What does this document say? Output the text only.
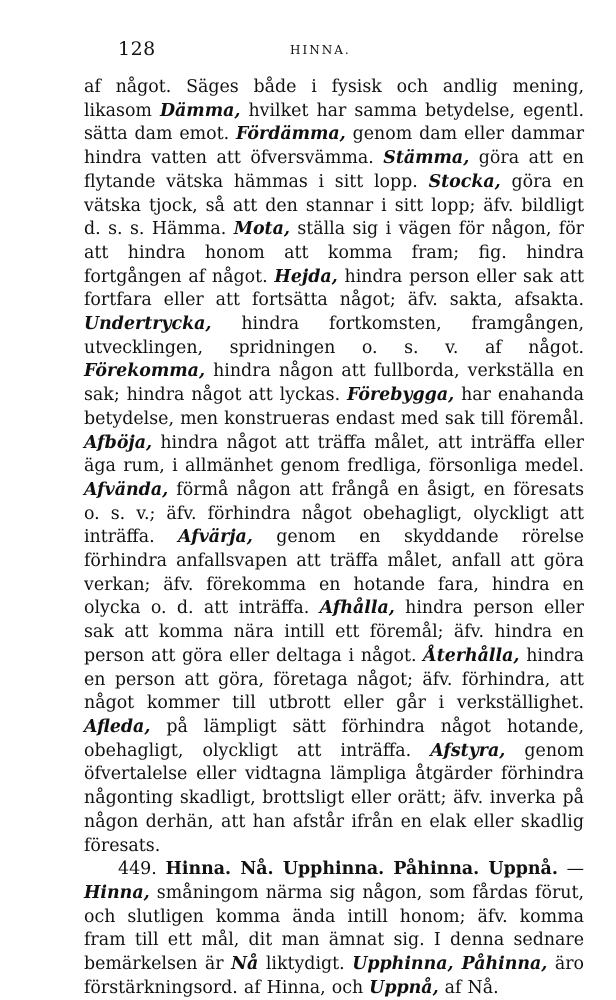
128	HINNA.

af något. Säges både i fysisk och andlig mening, likasom Dämma, hvilket har samma betydelse, egentl. sätta dam emot. Fördämma, genom dam eller dammar hindra vatten att öfversvämma. Stämma, göra att en flytande vätska hämmas i sitt lopp. Stocka, göra en vätska tjock, så att den stannar i sitt lopp; äfv. bildligt d. s. s. Hämma. Mota, ställa sig i vägen för någon, för att hindra honom att komma fram; fig. hindra fortgången af något. Hejda, hindra person eller sak att fortfara eller att fortsätta något; äfv. sakta, afsakta. Undertrycka, hindra fortkomsten, framgången, utvecklingen, spridningen o. s. v. af något. Förekomma, hindra någon att fullborda, verkställa en sak; hindra något att lyckas. Förebygga, har enahanda betydelse, men konstrueras endast med sak till föremål. Afböja, hindra något att träffa målet, att inträffa eller äga rum, i allmänhet genom fredliga, försonliga medel. Afvända, förmå någon att frångå en åsigt, en föresats o. s. v.; äfv. förhindra något obehagligt, olyckligt att inträffa. Afvärja, genom en skyddande rörelse förhindra anfallsvapen att träffa målet, anfall att göra verkan; äfv. förekomma en hotande fara, hindra en olycka o. d. att inträffa. Afhålla, hindra person eller sak att komma nära intill ett föremål; äfv. hindra en person att göra eller deltaga i något. Återhålla, hindra en person att göra, företaga något; äfv. förhindra, att något kommer till utbrott eller går i verkställighet. Afleda, på lämpligt sätt förhindra något hotande, obehagligt, olyckligt att inträffa. Afstyra, genom öfvertalelse eller vidtagna lämpliga åtgärder förhindra någonting skadligt, brottsligt eller orätt; äfv. inverka på någon derhän, att han afstår ifrån en elak eller skadlig föresats.

449. Hinna. Nå. Upphinna. Påhinna. Uppnå. — Hinna, småningom närma sig någon, som fårdas förut, och slutligen komma ända intill honom; äfv. komma fram till ett mål, dit man ämnat sig. I denna sednare bemärkelsen är Nå liktydigt. Upphinna, Påhinna, äro förstärkningsord. af Hinna, och Uppnå, af Nå.
